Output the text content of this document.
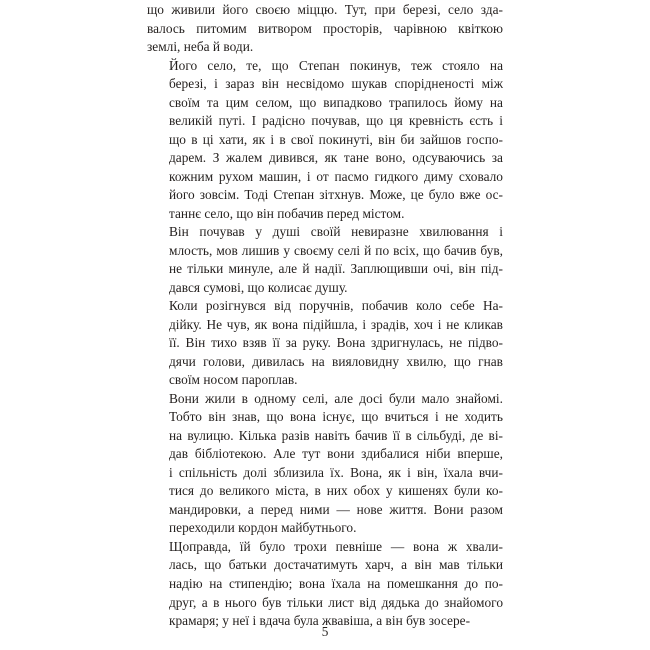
що живили його своєю міццю. Тут, при березі, село зда-
валось питомим витвором просторів, чарівною квіткою
землі, неба й води.

Його село, те, що Степан покинув, теж стояло на
березі, і зараз він несвідомо шукав спорідненості між
своїм та цим селом, що випадково трапилось йому на
великій путі. І радісно почував, що ця кревність єсть і
що в ці хати, як і в свої покинуті, він би зайшов госпо-
дарем. З жалем дивився, як тане воно, одсуваючись за
кожним рухом машин, і от пасмо гидкого диму сховало
його зовсім. Тоді Степан зітхнув. Може, це було вже ос-
таннє село, що він побачив перед містом.

Він почував у душі своїй невиразне хвилювання і
млость, мов лишив у своєму селі й по всіх, що бачив був,
не тільки минуле, але й надії. Заплющивши очі, він під-
дався сумові, що колисає душу.

Коли розігнувся від поручнів, побачив коло себе На-
дійку. Не чув, як вона підійшла, і зрадів, хоч і не кликав
її. Він тихо взяв її за руку. Вона здригнулась, не підво-
дячи голови, дивилась на вияловидну хвилю, що гнав
своїм носом пароплав.

Вони жили в одному селі, але досі були мало знайомі.
Тобто він знав, що вона існує, що вчиться і не ходить
на вулицю. Кілька разів навіть бачив її в сільбуді, де ві-
дав бібліотекою. Але тут вони здибалися ніби вперше,
і спільність долі зблизила їх. Вона, як і він, їхала вчи-
тися до великого міста, в них обох у кишенях були ко-
мандировки, а перед ними — нове життя. Вони разом
переходили кордон майбутнього.

Щоправда, їй було трохи певніше — вона ж хвали-
лась, що батьки достачатимуть харч, а він мав тільки
надію на стипендію; вона їхала на помешкання до по-
друг, а в нього був тільки лист від дядька до знайомого
крамаря; у неї і вдача була жвавіша, а він був зосере-

5
